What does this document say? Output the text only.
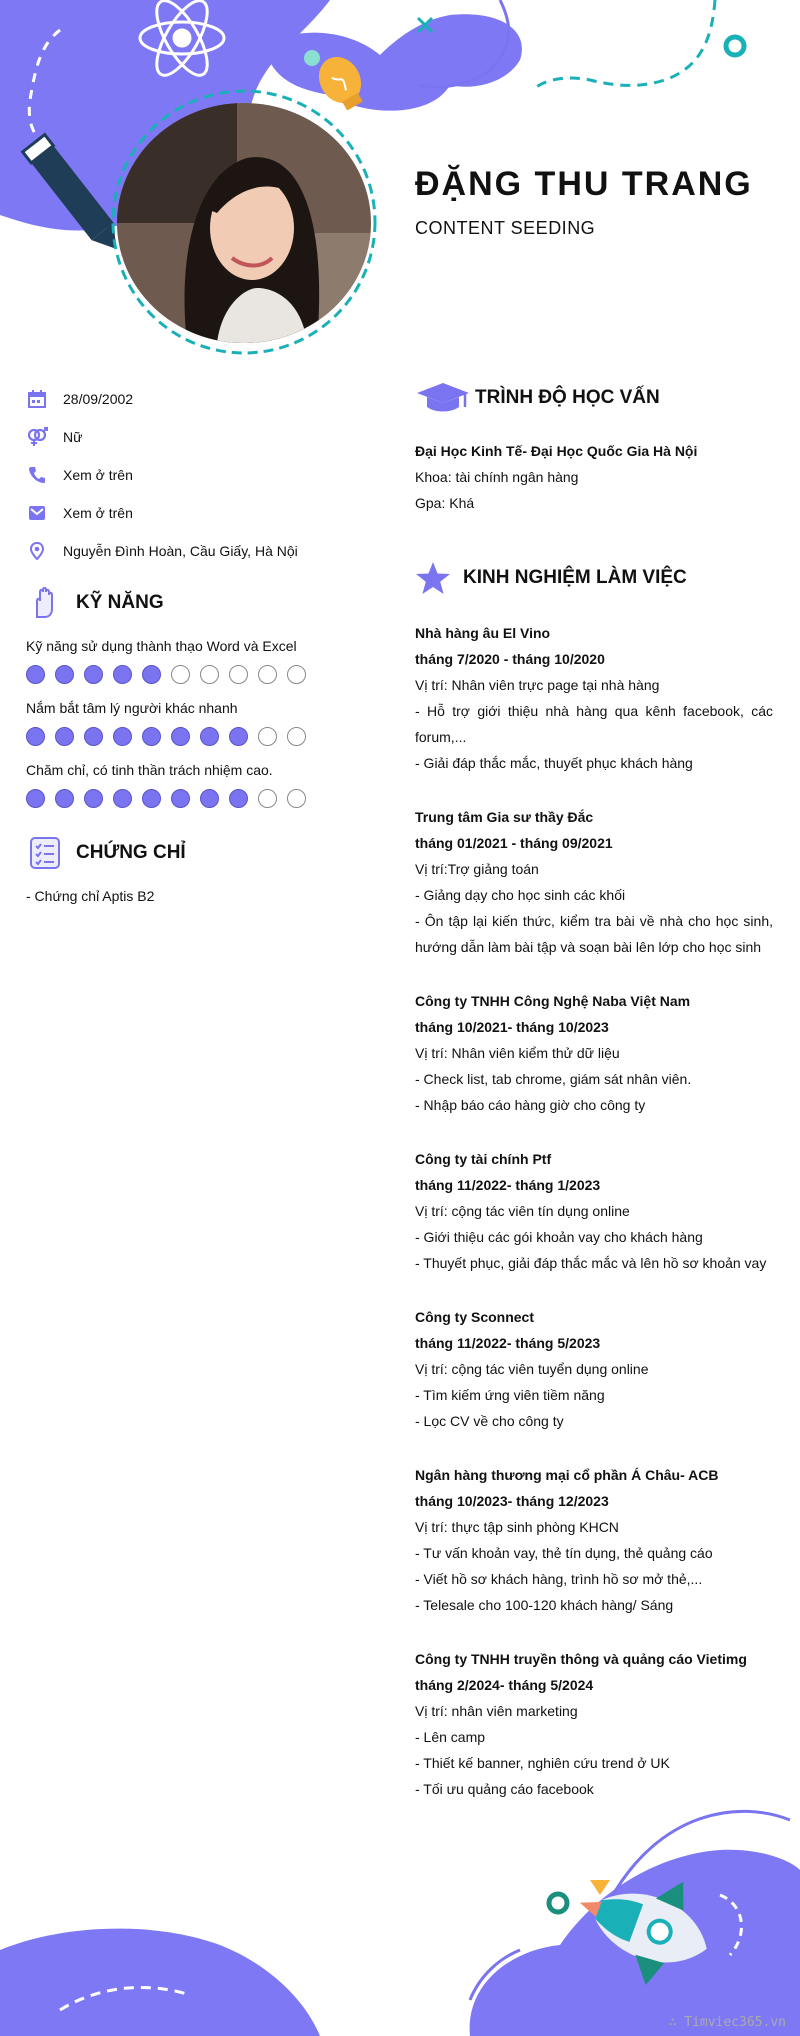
ĐẶNG THU TRANG
CONTENT SEEDING
28/09/2002
Nữ
Xem ở trên
Xem ở trên
Nguyễn Đình Hoàn, Cầu Giấy, Hà Nội
KỸ NĂNG
Kỹ năng sử dụng thành thạo Word và Excel
Nắm bắt tâm lý người khác nhanh
Chăm chỉ, có tinh thần trách nhiệm cao.
CHỨNG CHỈ
- Chứng chỉ Aptis B2
TRÌNH ĐỘ HỌC VẤN
Đại Học Kinh Tế- Đại Học Quốc Gia Hà Nội
Khoa: tài chính ngân hàng
Gpa: Khá
KINH NGHIỆM LÀM VIỆC
Nhà hàng âu El Vino
tháng 7/2020 - tháng 10/2020

Vị trí: Nhân viên trực page tại nhà hàng

- Hỗ trợ giới thiệu nhà hàng qua kênh facebook, các forum,...

- Giải đáp thắc mắc, thuyết phục khách hàng

Trung tâm Gia sư thầy Đắc
tháng 01/2021 - tháng 09/2021

Vị trí:Trợ giảng toán

- Giảng dạy cho học sinh các khối

- Ôn tập lại kiến thức, kiểm tra bài về nhà cho học sinh, hướng dẫn làm bài tập và soạn bài lên lớp cho học sinh

Công ty TNHH Công Nghệ Naba Việt Nam
tháng 10/2021- tháng 10/2023

Vị trí: Nhân viên kiểm thử dữ liệu

- Check list, tab chrome, giám sát nhân viên.

- Nhập báo cáo hàng giờ cho công ty

Công ty tài chính Ptf
tháng 11/2022- tháng 1/2023

Vị trí: cộng tác viên tín dụng online

- Giới thiệu các gói khoản vay cho khách hàng

- Thuyết phục, giải đáp thắc mắc và lên hồ sơ khoản vay

Công ty Sconnect
tháng 11/2022- tháng 5/2023

Vị trí: cộng tác viên tuyển dụng online

- Tìm kiếm ứng viên tiềm năng

- Lọc CV về cho công ty

Ngân hàng thương mại cổ phần Á Châu- ACB
tháng 10/2023- tháng 12/2023

Vị trí: thực tập sinh phòng KHCN

- Tư vấn khoản vay, thẻ tín dụng, thẻ quảng cáo

- Viết hồ sơ khách hàng, trình hồ sơ mở thẻ,...

- Telesale cho 100-120 khách hàng/ Sáng

Công ty TNHH truyền thông và quảng cáo Vietimg
tháng 2/2024- tháng 5/2024

Vị trí: nhân viên marketing

- Lên camp

- Thiết kế banner, nghiên cứu trend ở UK

- Tối ưu quảng cáo facebook

∴ Timviec365.vn
